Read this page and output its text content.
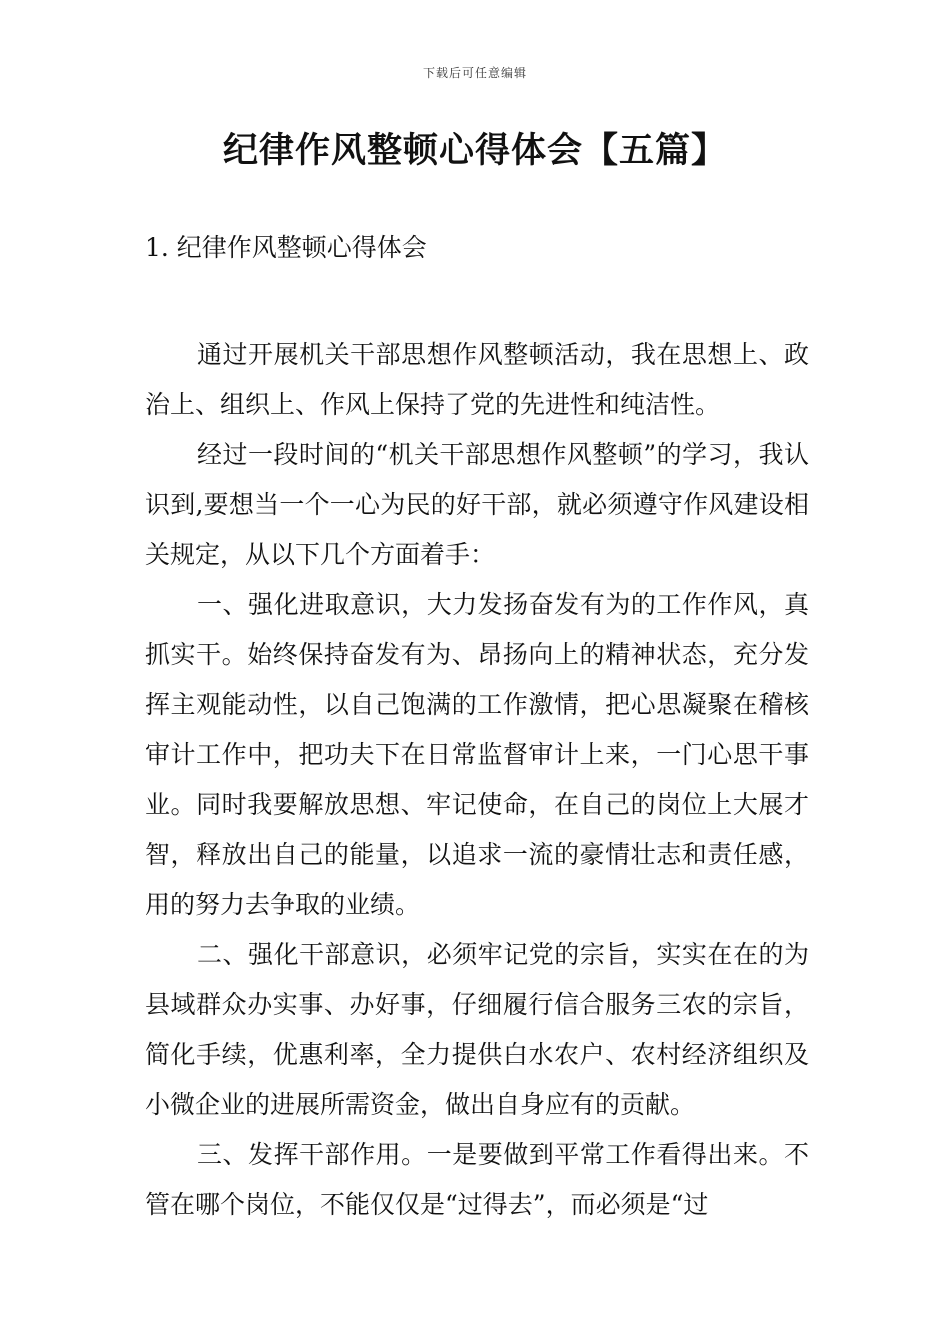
下载后可任意编辑
纪律作风整顿心得体会【五篇】
1. 纪律作风整顿心得体会

通过开展机关干部思想作风整顿活动，我在思想上、政治上、组织上、作风上保持了党的先进性和纯洁性。

经过一段时间的“机关干部思想作风整顿”的学习，我认识到,要想当一个一心为民的好干部，就必须遵守作风建设相关规定，从以下几个方面着手：

一、强化进取意识，大力发扬奋发有为的工作作风，真抓实干。始终保持奋发有为、昂扬向上的精神状态，充分发挥主观能动性，以自己饱满的工作激情，把心思凝聚在稽核审计工作中，把功夫下在日常监督审计上来，一门心思干事业。同时我要解放思想、牢记使命，在自己的岗位上大展才智，释放出自己的能量，以追求一流的豪情壮志和责任感，用的努力去争取的业绩。

二、强化干部意识，必须牢记党的宗旨，实实在在的为县域群众办实事、办好事，仔细履行信合服务三农的宗旨，简化手续，优惠利率，全力提供白水农户、农村经济组织及小微企业的进展所需资金，做出自身应有的贡献。

三、发挥干部作用。一是要做到平常工作看得出来。不管在哪个岗位，不能仅仅是“过得去”，而必须是“过
